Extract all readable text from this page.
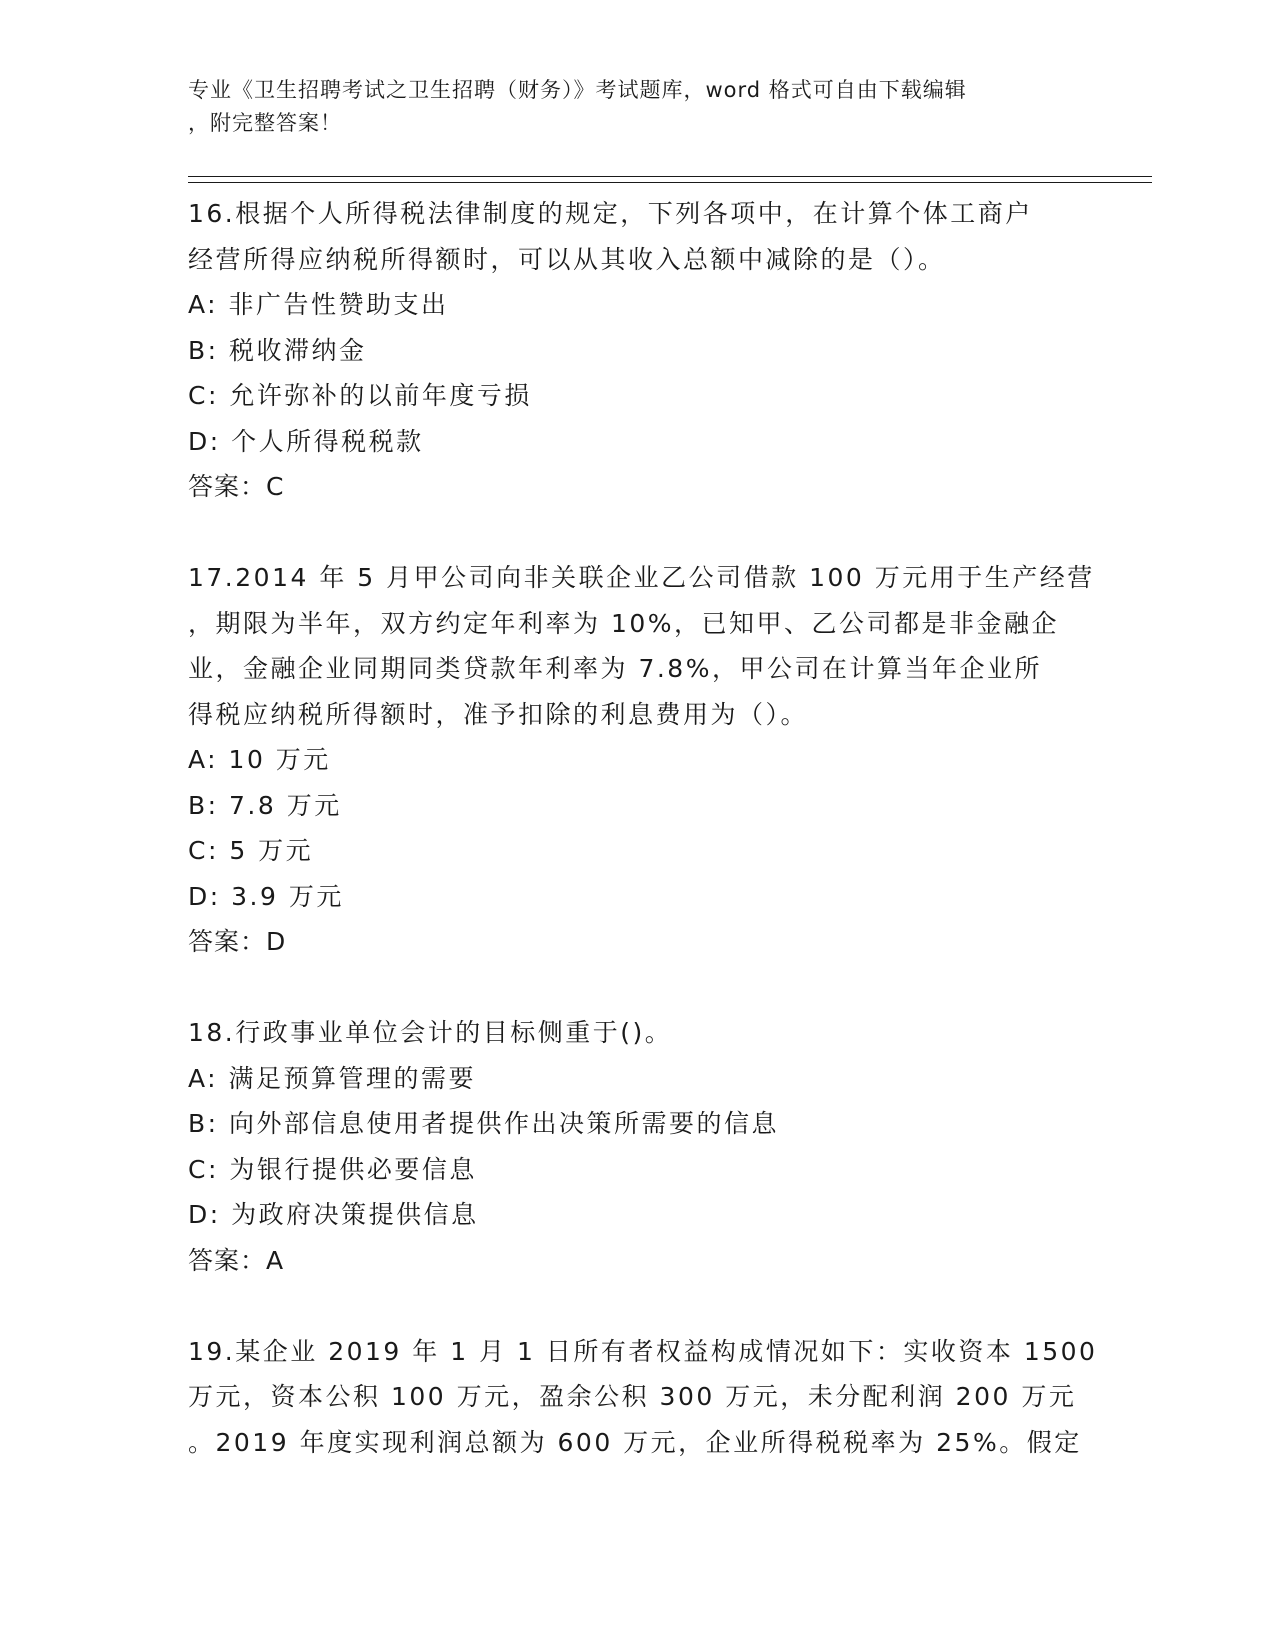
专业《卫生招聘考试之卫生招聘（财务）》考试题库，word 格式可自由下载编辑
，附完整答案！
16.根据个人所得税法律制度的规定，下列各项中，在计算个体工商户
经营所得应纳税所得额时，可以从其收入总额中减除的是（）。
A: 非广告性赞助支出
B: 税收滞纳金
C: 允许弥补的以前年度亏损
D: 个人所得税税款
答案：C
17.2014 年 5 月甲公司向非关联企业乙公司借款 100 万元用于生产经营
，期限为半年，双方约定年利率为 10%，已知甲、乙公司都是非金融企
业，金融企业同期同类贷款年利率为 7.8%，甲公司在计算当年企业所
得税应纳税所得额时，准予扣除的利息费用为（）。
A: 10 万元
B: 7.8 万元
C: 5 万元
D: 3.9 万元
答案：D
18.行政事业单位会计的目标侧重于()。
A: 满足预算管理的需要
B: 向外部信息使用者提供作出决策所需要的信息
C: 为银行提供必要信息
D: 为政府决策提供信息
答案：A
19.某企业 2019 年 1 月 1 日所有者权益构成情况如下：实收资本 1500
万元，资本公积 100 万元，盈余公积 300 万元，未分配利润 200 万元
。2019 年度实现利润总额为 600 万元，企业所得税税率为 25%。假定
